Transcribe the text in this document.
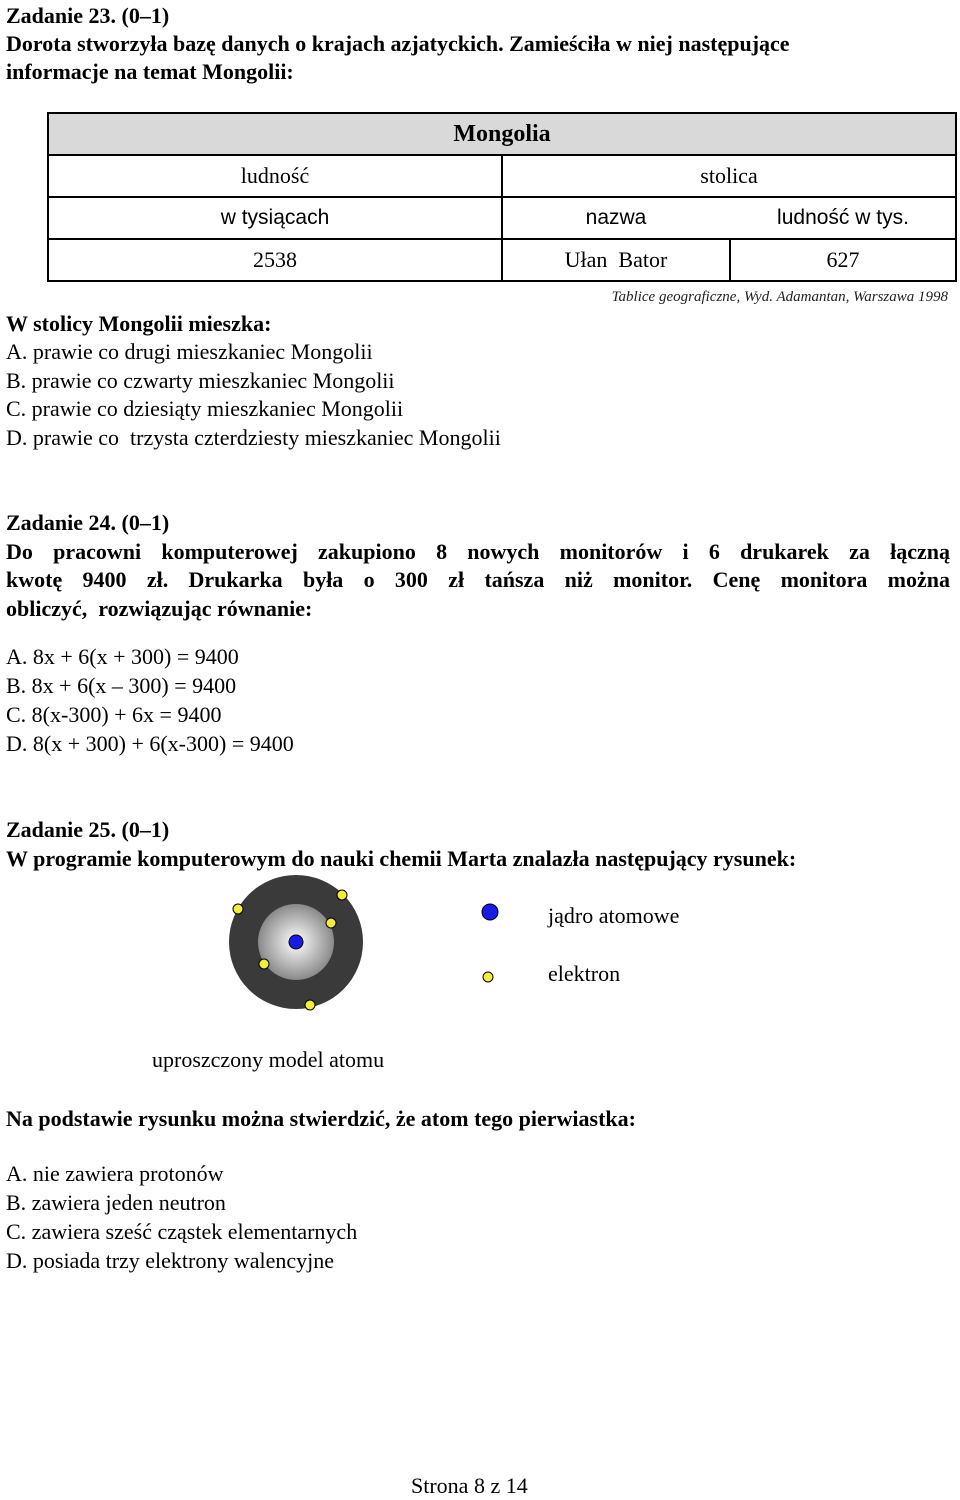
Zadanie 23. (0–1)
Dorota stworzyła bazę danych o krajach azjatyckich. Zamieściła w niej następujące
informacje na temat Mongolii:
Mongolia
ludność	stolica
w tysiącach	nazwa	ludność w tys.
2538	Ułan  Bator	627
Tablice geograficzne, Wyd. Adamantan, Warszawa 1998
W stolicy Mongolii mieszka:
A. prawie co drugi mieszkaniec Mongolii
B. prawie co czwarty mieszkaniec Mongolii
C. prawie co dziesiąty mieszkaniec Mongolii
D. prawie co  trzysta czterdziesty mieszkaniec Mongolii
Zadanie 24. (0–1)
Do pracowni komputerowej zakupiono 8 nowych monitorów i 6 drukarek za łączną
kwotę 9400 zł. Drukarka była o 300 zł tańsza niż monitor. Cenę monitora można
obliczyć,  rozwiązując równanie:
A. 8x + 6(x + 300) = 9400
B. 8x + 6(x – 300) = 9400
C. 8(x-300) + 6x = 9400
D. 8(x + 300) + 6(x-300) = 9400
Zadanie 25. (0–1)
W programie komputerowym do nauki chemii Marta znalazła następujący rysunek:
jądro atomowe
elektron
uproszczony model atomu
Na podstawie rysunku można stwierdzić, że atom tego pierwiastka:
A. nie zawiera protonów
B. zawiera jeden neutron
C. zawiera sześć cząstek elementarnych
D. posiada trzy elektrony walencyjne
Strona 8 z 14
